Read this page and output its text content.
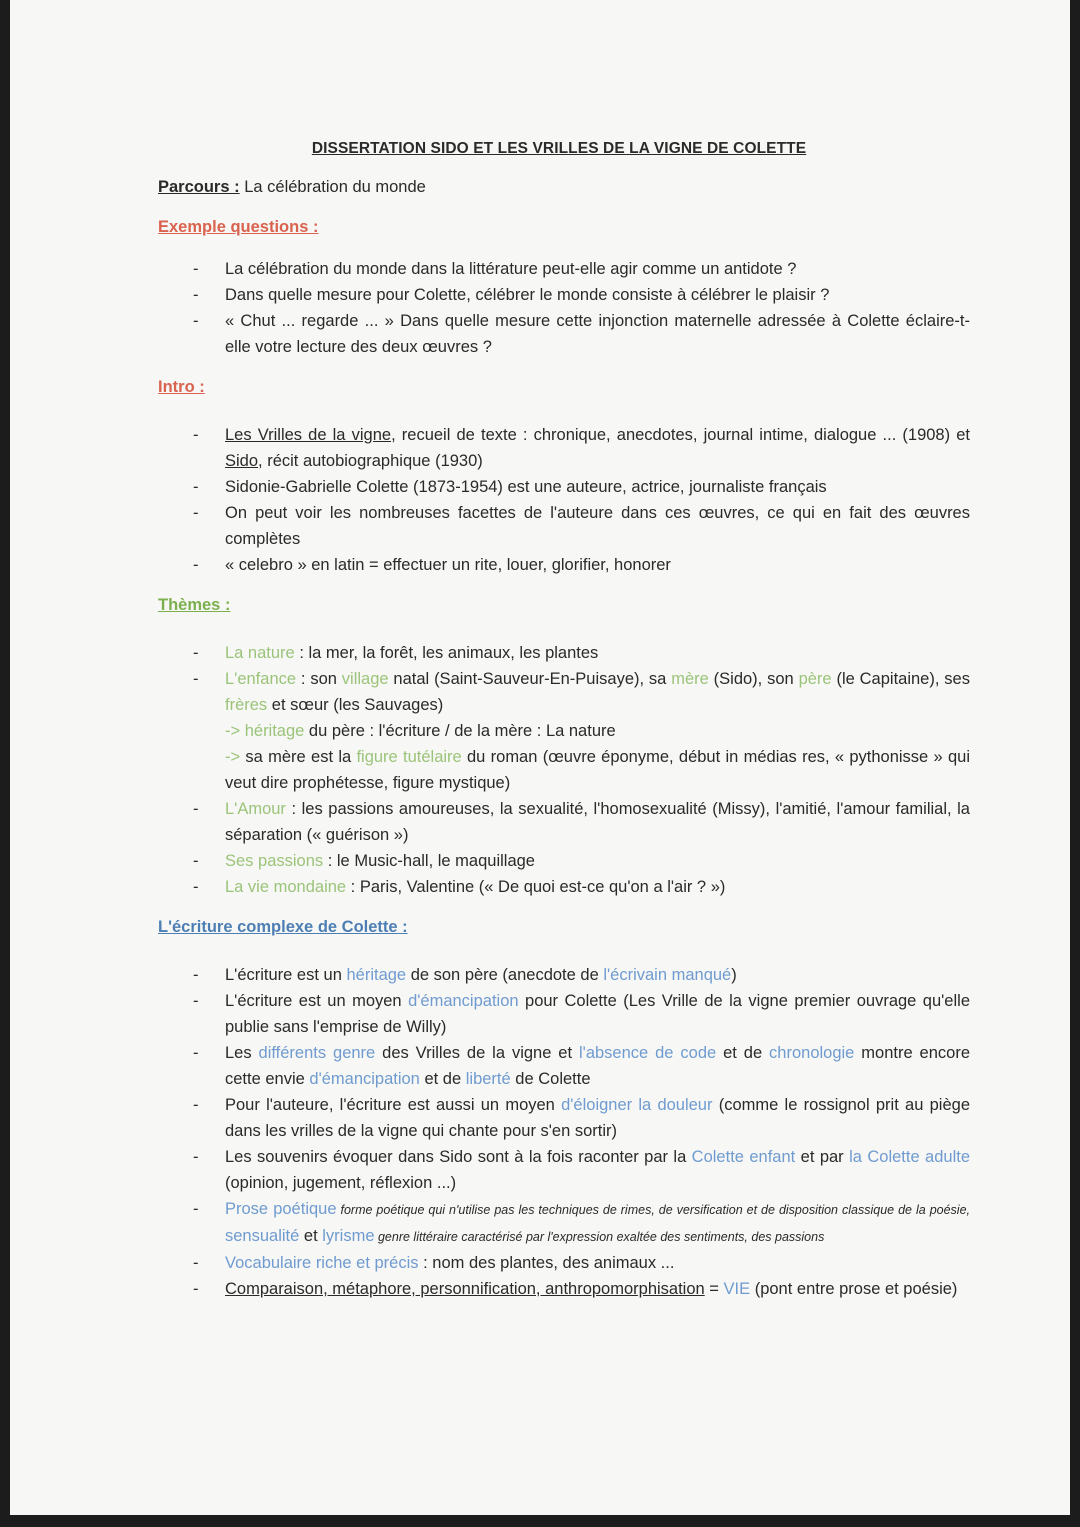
DISSERTATION SIDO ET LES VRILLES DE LA VIGNE DE COLETTE
Parcours : La célébration du monde
Exemple questions :
- La célébration du monde dans la littérature peut-elle agir comme un antidote ?
- Dans quelle mesure pour Colette, célébrer le monde consiste à célébrer le plaisir ?
- « Chut ... regarde ... » Dans quelle mesure cette injonction maternelle adressée à Colette éclaire-t-elle votre lecture des deux œuvres ?
Intro :
- Les Vrilles de la vigne, recueil de texte : chronique, anecdotes, journal intime, dialogue ... (1908) et Sido, récit autobiographique (1930)
- Sidonie-Gabrielle Colette (1873-1954) est une auteure, actrice, journaliste français
- On peut voir les nombreuses facettes de l'auteure dans ces œuvres, ce qui en fait des œuvres complètes
- « celebro » en latin = effectuer un rite, louer, glorifier, honorer
Thèmes :
- La nature : la mer, la forêt, les animaux, les plantes
- L'enfance : son village natal (Saint-Sauveur-En-Puisaye), sa mère (Sido), son père (le Capitaine), ses frères et sœur (les Sauvages)
-> héritage du père : l'écriture / de la mère : La nature
-> sa mère est la figure tutélaire du roman (œuvre éponyme, début in médias res, « pythonisse » qui veut dire prophétesse, figure mystique)
- L'Amour : les passions amoureuses, la sexualité, l'homosexualité (Missy), l'amitié, l'amour familial, la séparation (« guérison »)
- Ses passions : le Music-hall, le maquillage
- La vie mondaine : Paris, Valentine (« De quoi est-ce qu'on a l'air ? »)
L'écriture complexe de Colette :
- L'écriture est un héritage de son père (anecdote de l'écrivain manqué)
- L'écriture est un moyen d'émancipation pour Colette (Les Vrille de la vigne premier ouvrage qu'elle publie sans l'emprise de Willy)
- Les différents genre des Vrilles de la vigne et l'absence de code et de chronologie montre encore cette envie d'émancipation et de liberté de Colette
- Pour l'auteure, l'écriture est aussi un moyen d'éloigner la douleur (comme le rossignol prit au piège dans les vrilles de la vigne qui chante pour s'en sortir)
- Les souvenirs évoquer dans Sido sont à la fois raconter par la Colette enfant et par la Colette adulte (opinion, jugement, réflexion ...)
- Prose poétique forme poétique qui n'utilise pas les techniques de rimes, de versification et de disposition classique de la poésie, sensualité et lyrisme genre littéraire caractérisé par l'expression exaltée des sentiments, des passions
- Vocabulaire riche et précis : nom des plantes, des animaux ...
- Comparaison, métaphore, personnification, anthropomorphisation = VIE (pont entre prose et poésie)
